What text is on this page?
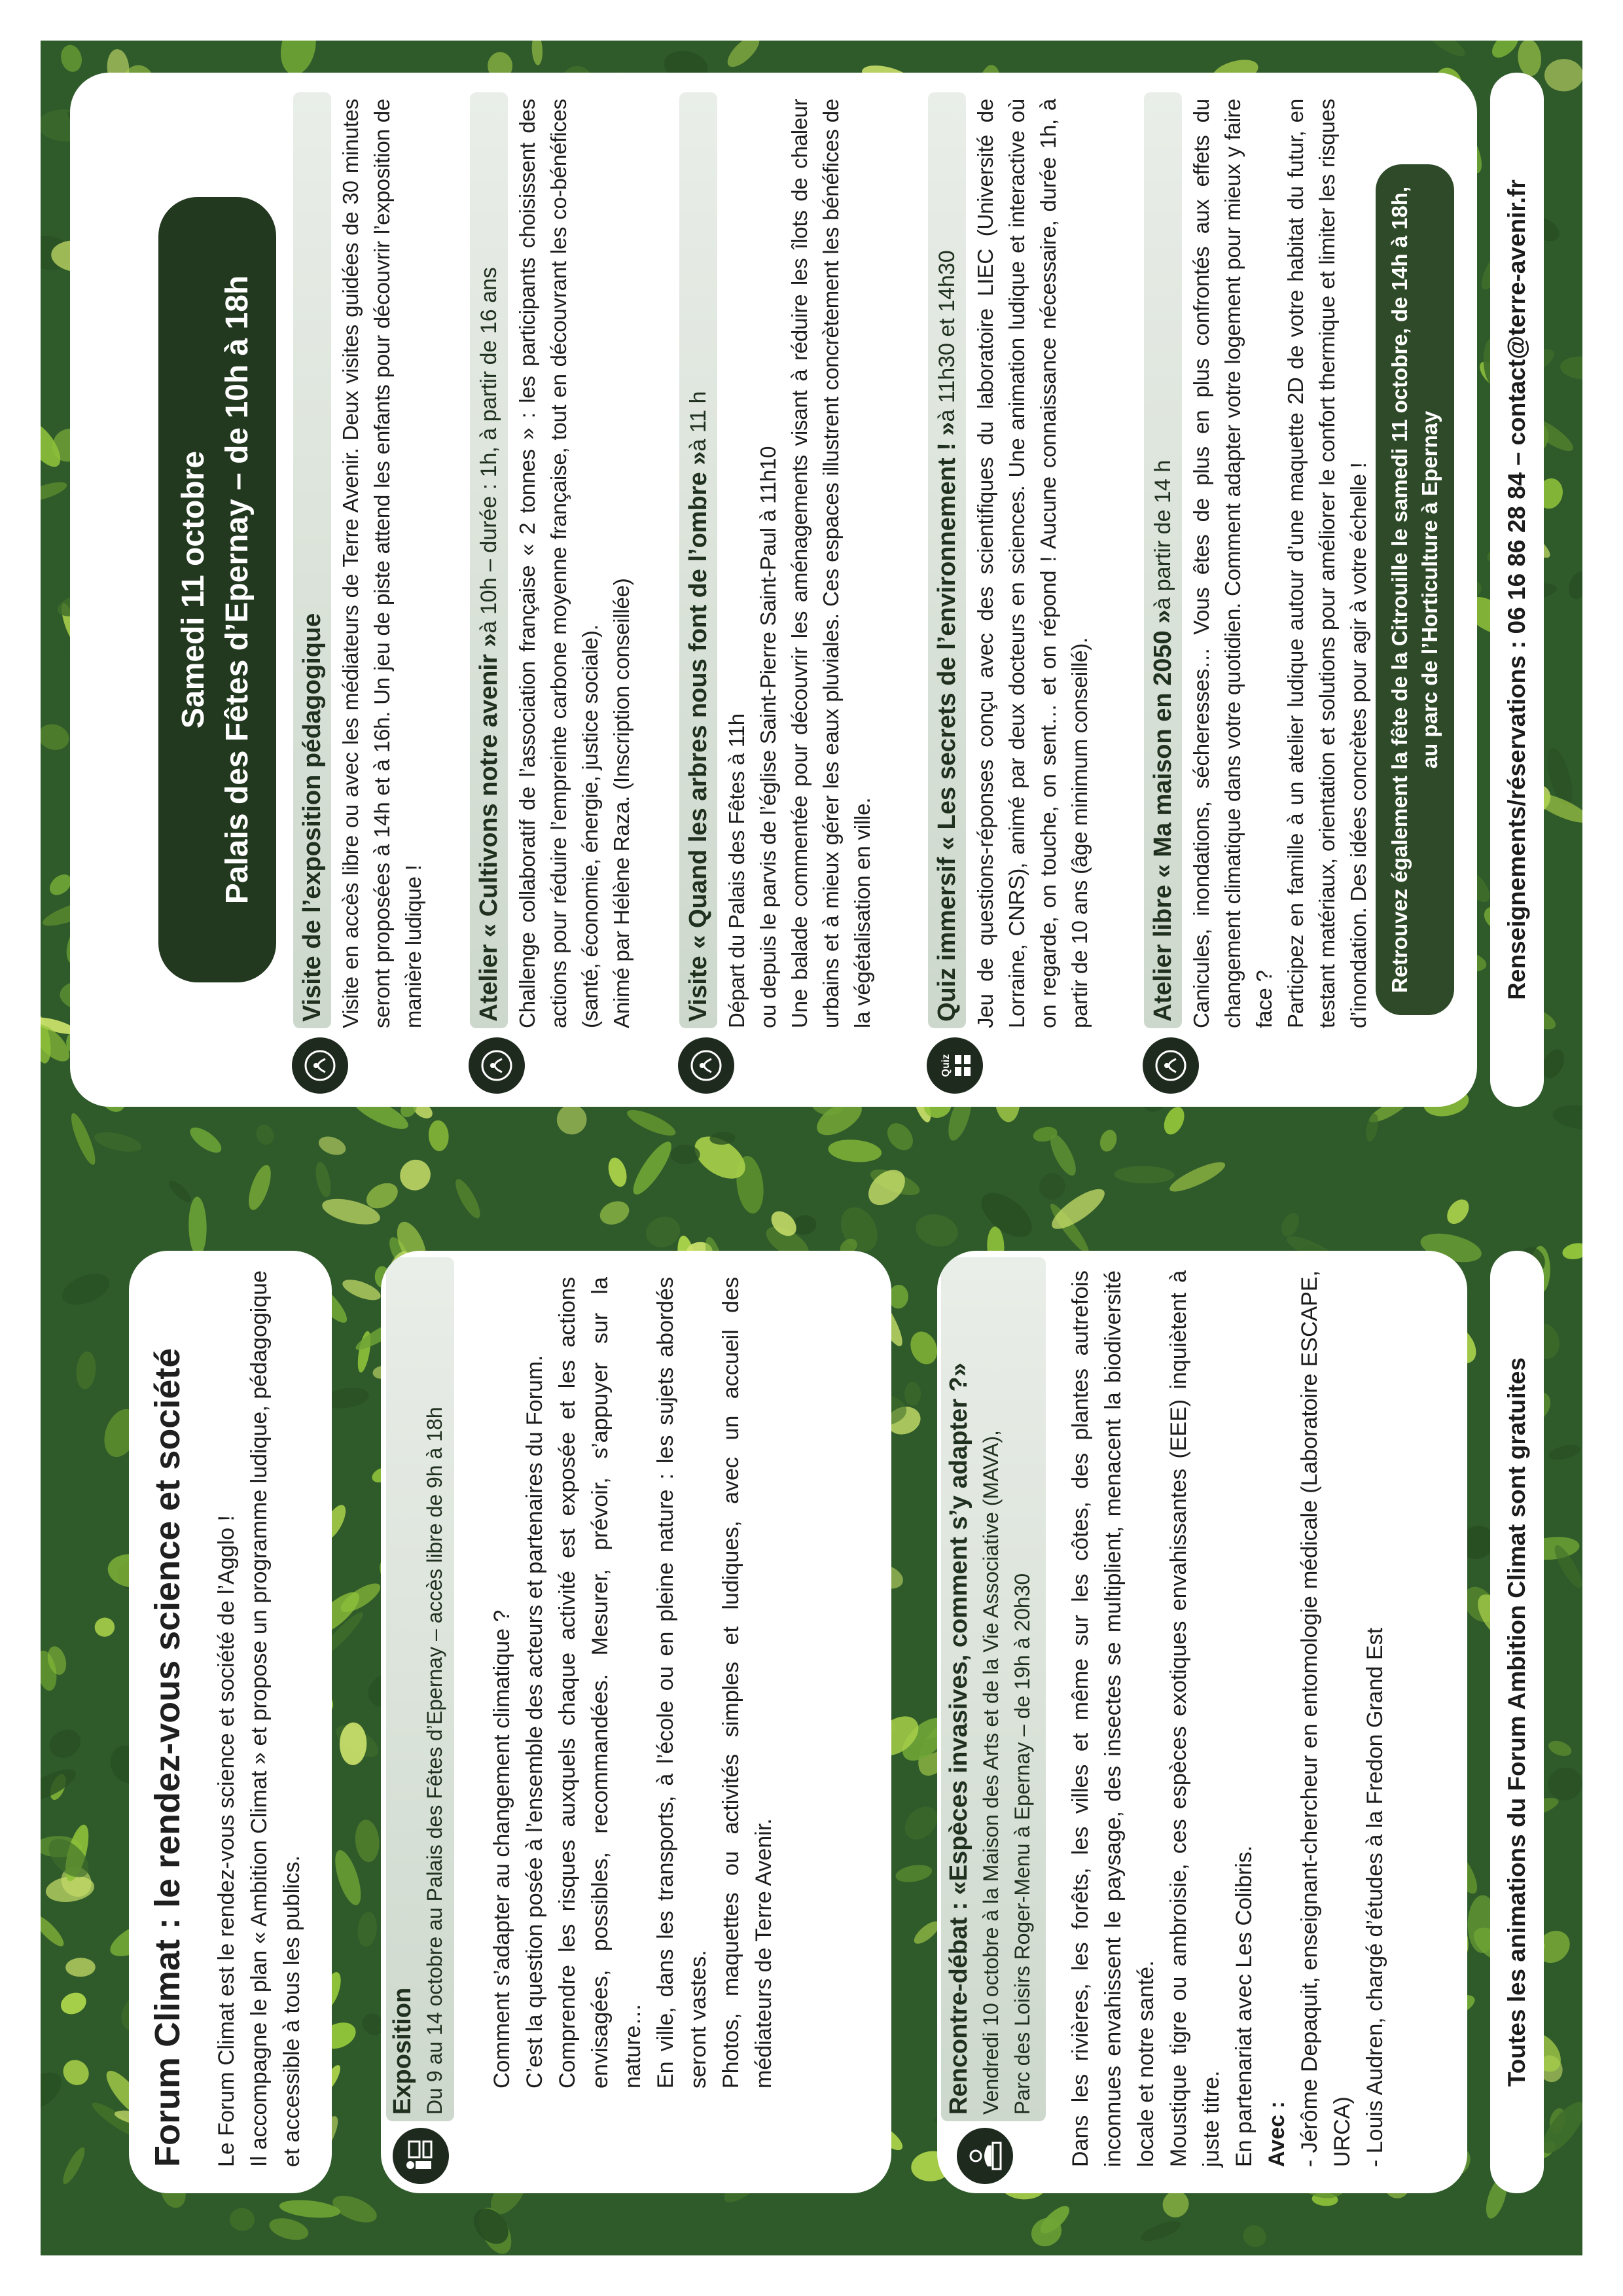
Forum Climat : le rendez-vous science et société Le Forum Climat est le rendez-vous science et société de l’Agglo ! Il accompagne le plan « Ambition Climat » et propose un programme ludique, pédagogique et accessible à tous les publics.	Exposition Du 9 au 14 octobre au Palais des Fêtes d’Epernay – accès libre de 9h à 18h Comment s’adapter au changement climatique ? C’est la question posée à l’ensemble des acteurs et partenaires du Forum. Comprendre les risques auxquels chaque activité est exposée et les actions envisagées, possibles, recommandées. Mesurer, prévoir, s’appuyer sur la nature… En ville, dans les transports, à l’école ou en pleine nature : les sujets abordés seront vastes. Photos, maquettes ou activités simples et ludiques, avec un accueil des médiateurs de Terre Avenir.	Rencontre-débat : «Espèces invasives, comment s’y adapter ?» Vendredi 10 octobre à la Maison des Arts et de la Vie Associative (MAVA), Parc des Loisirs Roger-Menu à Epernay – de 19h à 20h30 Dans les rivières, les forêts, les villes et même sur les côtes, des plantes autrefois inconnues envahissent le paysage, des insectes se multiplient, menacent la biodiversité locale et notre santé. Moustique tigre ou ambroisie, ces espèces exotiques envahissantes (EEE) inquiètent à juste titre. En partenariat avec Les Colibris. Avec : - Jérôme Depaquit, enseignant-chercheur en entomologie médicale (Laboratoire ESCAPE, URCA) - Louis Audren, chargé d’études à la Fredon Grand Est	Toutes les animations du Forum Ambition Climat sont gratuites
Samedi 11 octobre Palais des Fêtes d’Epernay – de 10h à 18h Visite de l’exposition pédagogique Visite en accès libre ou avec les médiateurs de Terre Avenir. Deux visites guidées de 30 minutes seront proposées à 14h et à 16h. Un jeu de piste attend les enfants pour découvrir l’exposition de manière ludique ! Atelier « Cultivons notre avenir »
à 10h – durée : 1h, à partir de 16 ans Challenge collaboratif de l’association française « 2 tonnes » : les participants choisissent des actions pour réduire l’empreinte carbone moyenne française, tout en découvrant les co-bénéfices (santé, économie, énergie, justice sociale). Animé par Hélène Raza. (Inscription conseillée) Visite « Quand les arbres nous font de l’ombre »
à 11 h

Départ du Palais des Fêtes à 11h ou depuis le parvis de l’église Saint-Pierre Saint-Paul à 11h10 Une balade commentée pour découvrir les aménagements visant à réduire les îlots de chaleur urbains et à mieux gérer les eaux pluviales. Ces espaces illustrent concrètement les bénéfices de la végétalisation en ville.

Quiz
Quiz immersif « Les secrets de l’environnement ! »
à 11h30 et 14h30 Jeu de questions-réponses conçu avec des scientifiques du laboratoire LIEC (Université de Lorraine, CNRS), animé par deux docteurs en sciences. Une animation ludique et interactive où on regarde, on touche, on sent… et on répond ! Aucune connaissance nécessaire, durée 1h, à partir de 10 ans (âge minimum conseillé). Atelier libre « Ma maison en 2050 »
à partir de 14 h Canicules, inondations, sécheresses… Vous êtes de plus en plus confrontés aux effets du changement climatique dans votre quotidien. Comment adapter votre logement pour mieux y faire face ? Participez en famille à un atelier ludique autour d’une maquette 2D de votre habitat du futur, en testant matériaux, orientation et solutions pour améliorer le confort thermique et limiter les risques d’inondation. Des idées concrètes pour agir à votre échelle ! Retrouvez également la fête de la Citrouille le samedi 11 octobre, de 14h à 18h, au parc de l’Horticulture à Epernay	Renseignements/réservations : 06 16 86 28 84 – contact@terre-avenir.fr
